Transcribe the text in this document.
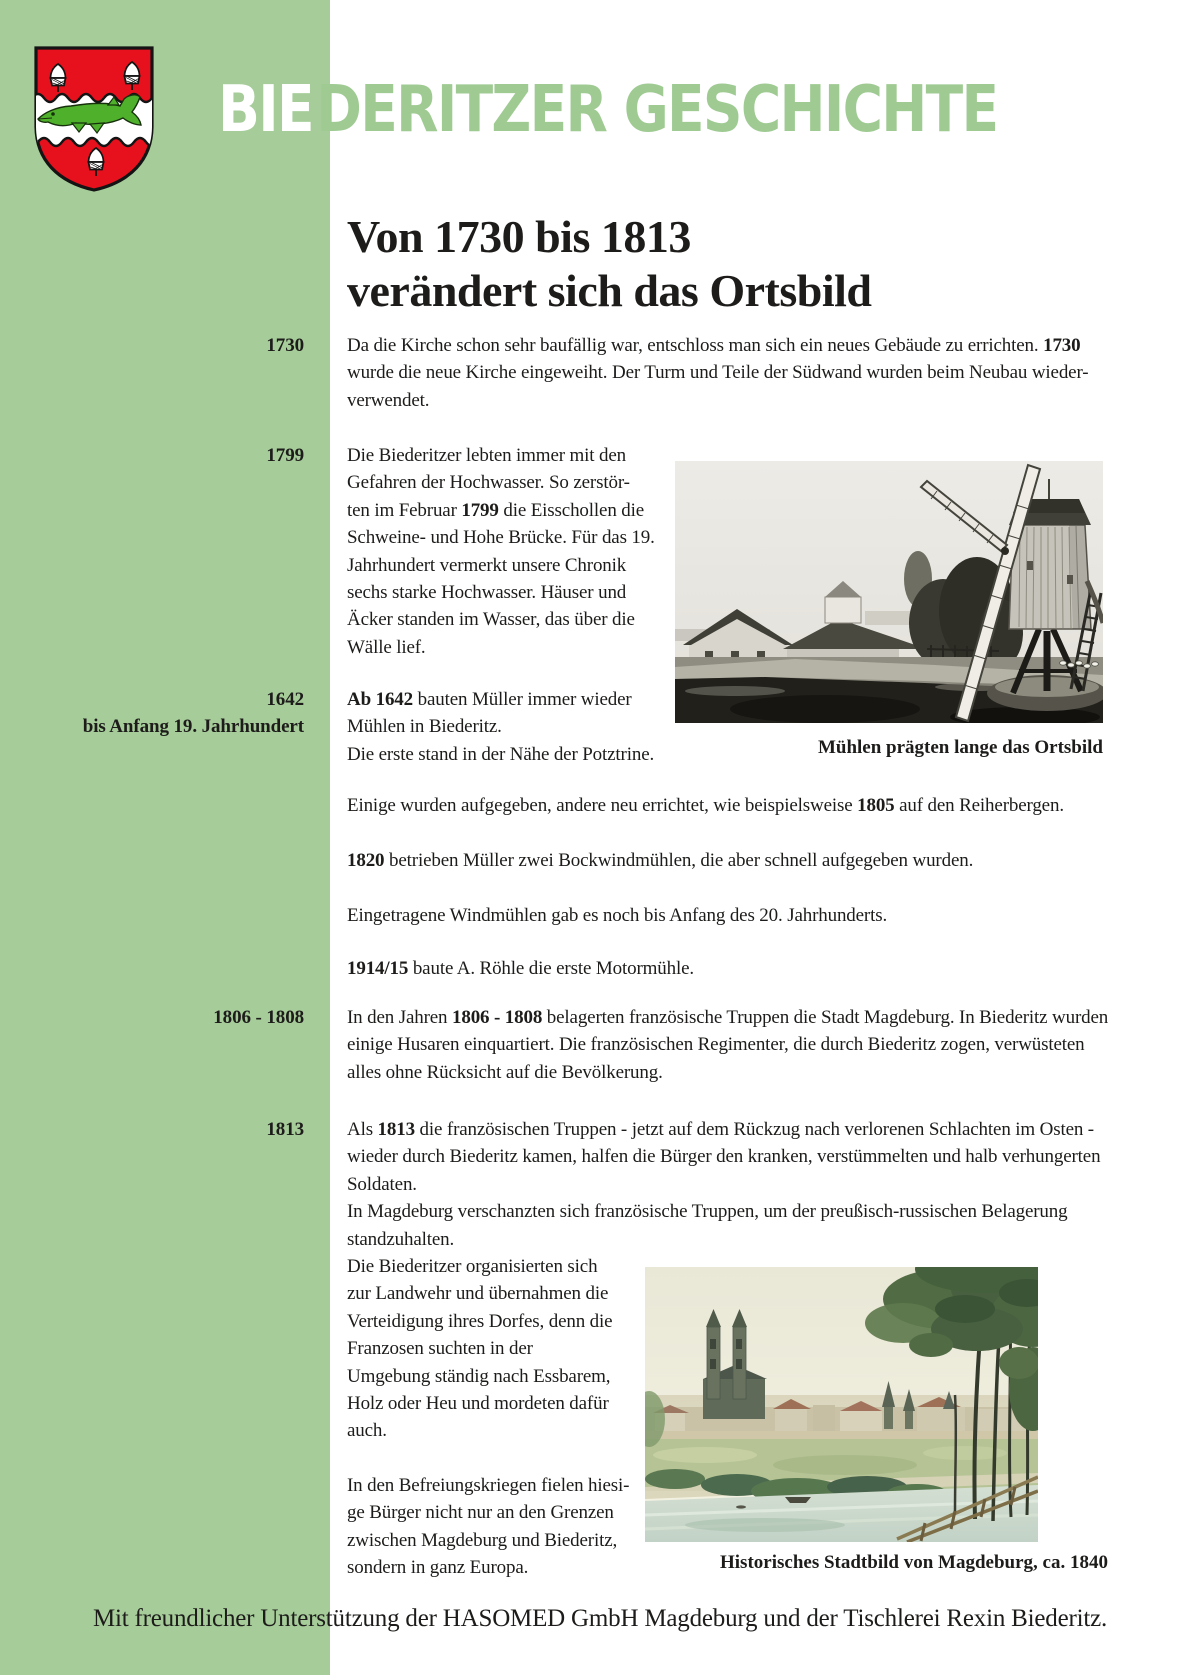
BIEDERITZER GESCHICHTE
Von 1730 bis 1813
verändert sich das Ortsbild
1730
1799
1642
bis Anfang 19. Jahrhundert
1806 - 1808
1813
Da die Kirche schon sehr baufällig war, entschloss man sich ein neues Gebäude zu errichten. 1730
wurde die neue Kirche eingeweiht. Der Turm und Teile der Südwand wurden beim Neubau wieder-
verwendet.
Die Biederitzer lebten immer mit den
Gefahren der Hochwasser. So zerstör-
ten im Februar 1799 die Eisschollen die
Schweine- und Hohe Brücke. Für das 19.
Jahrhundert vermerkt unsere Chronik
sechs starke Hochwasser. Häuser und
Äcker standen im Wasser, das über die
Wälle lief.
Ab 1642 bauten Müller immer wieder
Mühlen in Biederitz.
Die erste stand in der Nähe der Potztrine.
Einige wurden aufgegeben, andere neu errichtet, wie beispielsweise 1805 auf den Reiherbergen.
1820 betrieben Müller zwei Bockwindmühlen, die aber schnell aufgegeben wurden.
Eingetragene Windmühlen gab es noch bis Anfang des 20. Jahrhunderts.
1914/15 baute A. Röhle die erste Motormühle.
In den Jahren 1806 - 1808 belagerten französische Truppen die Stadt Magdeburg. In Biederitz wurden
einige Husaren einquartiert. Die französischen Regimenter, die durch Biederitz zogen, verwüsteten
alles ohne Rücksicht auf die Bevölkerung.
Als 1813 die französischen Truppen - jetzt auf dem Rückzug nach verlorenen Schlachten im Osten -
wieder durch Biederitz kamen, halfen die Bürger den kranken, verstümmelten und halb verhungerten
Soldaten.
In Magdeburg verschanzten sich französische Truppen, um der preußisch-russischen Belagerung
standzuhalten.
Die Biederitzer organisierten sich
zur Landwehr und übernahmen die
Verteidigung ihres Dorfes, denn die
Franzosen suchten in der
Umgebung ständig nach Essbarem,
Holz oder Heu und mordeten dafür
auch.

In den Befreiungskriegen fielen hiesi-
ge Bürger nicht nur an den Grenzen
zwischen Magdeburg und Biederitz,
sondern in ganz Europa.
Mühlen prägten lange das Ortsbild
Historisches Stadtbild von Magdeburg, ca. 1840
Mit freundlicher Unterstützung der HASOMED GmbH Magdeburg und der Tischlerei Rexin Biederitz.
